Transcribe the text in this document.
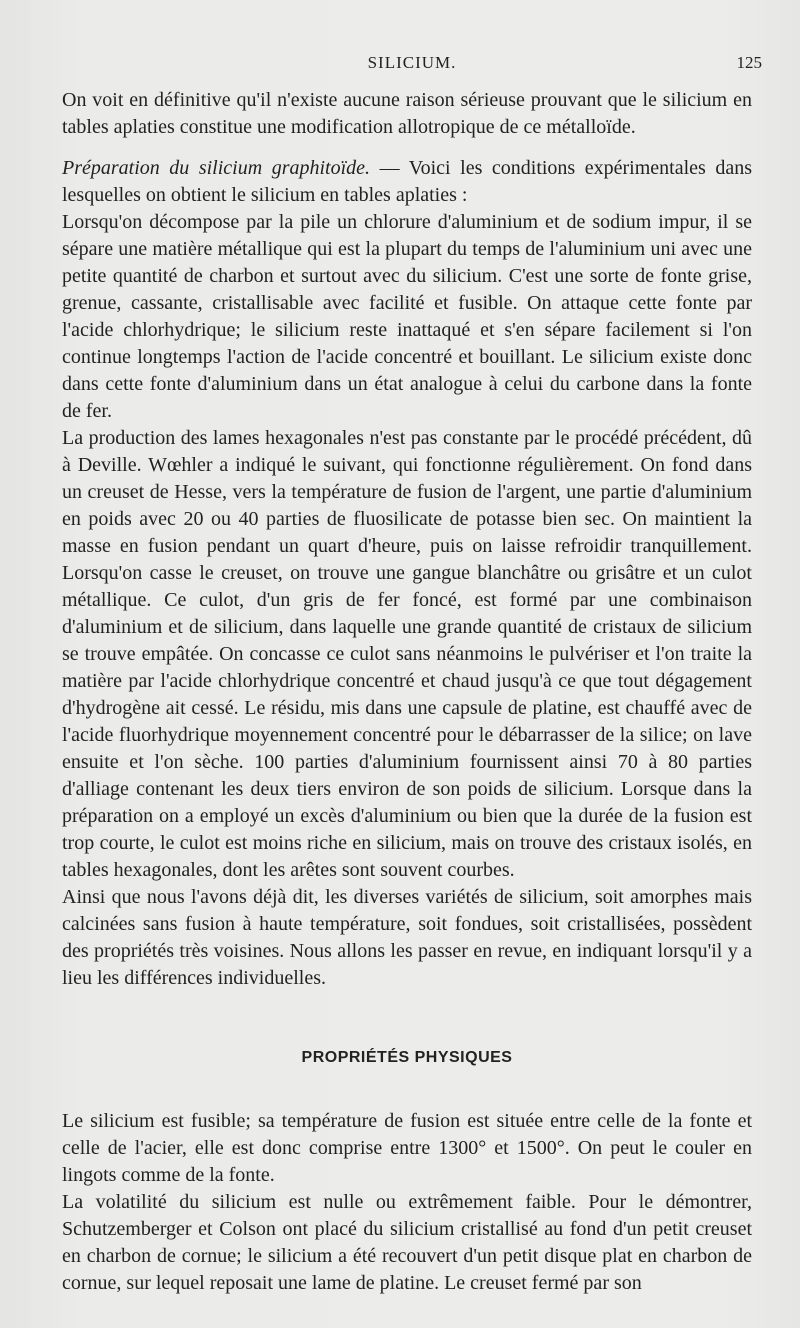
SILICIUM.	125

On voit en définitive qu'il n'existe aucune raison sérieuse prouvant que le silicium en tables aplaties constitue une modification allotropique de ce métalloïde.

Préparation du silicium graphitoïde. — Voici les conditions expérimentales dans lesquelles on obtient le silicium en tables aplaties :

Lorsqu'on décompose par la pile un chlorure d'aluminium et de sodium impur, il se sépare une matière métallique qui est la plupart du temps de l'aluminium uni avec une petite quantité de charbon et surtout avec du silicium. C'est une sorte de fonte grise, grenue, cassante, cristallisable avec facilité et fusible. On attaque cette fonte par l'acide chlorhydrique; le silicium reste inattaqué et s'en sépare facilement si l'on continue longtemps l'action de l'acide concentré et bouillant. Le silicium existe donc dans cette fonte d'aluminium dans un état analogue à celui du carbone dans la fonte de fer.

La production des lames hexagonales n'est pas constante par le procédé précédent, dû à Deville. Wœhler a indiqué le suivant, qui fonctionne régulièrement. On fond dans un creuset de Hesse, vers la température de fusion de l'argent, une partie d'aluminium en poids avec 20 ou 40 parties de fluosilicate de potasse bien sec. On maintient la masse en fusion pendant un quart d'heure, puis on laisse refroidir tranquillement. Lorsqu'on casse le creuset, on trouve une gangue blanchâtre ou grisâtre et un culot métallique. Ce culot, d'un gris de fer foncé, est formé par une combinaison d'aluminium et de silicium, dans laquelle une grande quantité de cristaux de silicium se trouve empâtée. On concasse ce culot sans néanmoins le pulvériser et l'on traite la matière par l'acide chlorhydrique concentré et chaud jusqu'à ce que tout dégagement d'hydrogène ait cessé. Le résidu, mis dans une capsule de platine, est chauffé avec de l'acide fluorhydrique moyennement concentré pour le débarrasser de la silice; on lave ensuite et l'on sèche. 100 parties d'aluminium fournissent ainsi 70 à 80 parties d'alliage contenant les deux tiers environ de son poids de silicium. Lorsque dans la préparation on a employé un excès d'aluminium ou bien que la durée de la fusion est trop courte, le culot est moins riche en silicium, mais on trouve des cristaux isolés, en tables hexagonales, dont les arêtes sont souvent courbes.

Ainsi que nous l'avons déjà dit, les diverses variétés de silicium, soit amorphes mais calcinées sans fusion à haute température, soit fondues, soit cristallisées, possèdent des propriétés très voisines. Nous allons les passer en revue, en indiquant lorsqu'il y a lieu les différences individuelles.

PROPRIÉTÉS PHYSIQUES

Le silicium est fusible; sa température de fusion est située entre celle de la fonte et celle de l'acier, elle est donc comprise entre 1300° et 1500°. On peut le couler en lingots comme de la fonte.

La volatilité du silicium est nulle ou extrêmement faible. Pour le démontrer, Schutzemberger et Colson ont placé du silicium cristallisé au fond d'un petit creuset en charbon de cornue; le silicium a été recouvert d'un petit disque plat en charbon de cornue, sur lequel reposait une lame de platine. Le creuset fermé par son
